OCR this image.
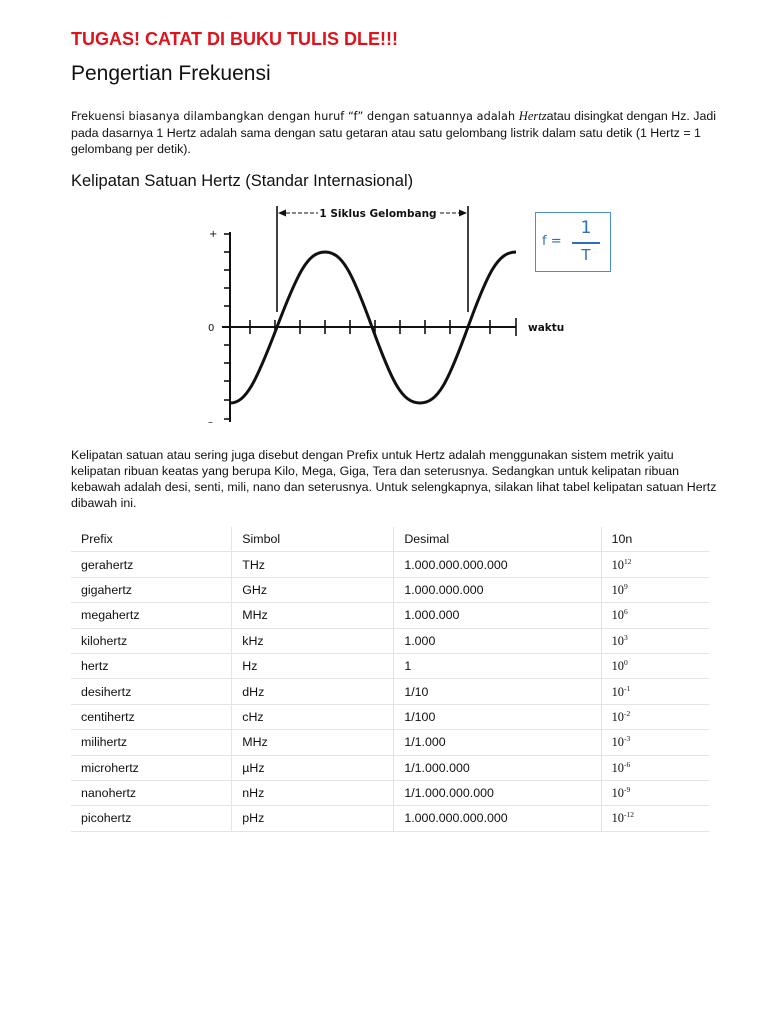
TUGAS! CATAT DI BUKU TULIS DLE!!!
Pengertian Frekuensi

Frekuensi biasanya dilambangkan dengan huruf “f” dengan satuannya adalah Hertzatau disingkat dengan Hz. Jadi pada dasarnya 1 Hertz adalah sama dengan satu getaran atau satu gelombang listrik dalam satu detik (1 Hertz = 1 gelombang per detik).

Kelipatan Satuan Hertz (Standar Internasional)
+
0
–
waktu
1 Siklus Gelombang
f =
1
T

Kelipatan satuan atau sering juga disebut dengan Prefix untuk Hertz adalah menggunakan sistem metrik yaitu kelipatan ribuan keatas yang berupa Kilo, Mega, Giga, Tera dan seterusnya. Sedangkan untuk kelipatan ribuan kebawah adalah desi, senti, mili, nano dan seterusnya. Untuk selengkapnya, silakan lihat tabel kelipatan satuan Hertz dibawah ini.

Prefix	Simbol	Desimal	10n
gerahertz	THz	1.000.000.000.000	$10^{12}$
gigahertz	GHz	1.000.000.000	$10^9$
megahertz	MHz	1.000.000	$10^6$
kilohertz	kHz	1.000	$10^3$
hertz	Hz	1	$10^0$
desihertz	dHz	1/10	$10^{-1}$
centihertz	cHz	1/100	$10^{-2}$
milihertz	MHz	1/1.000	$10^{-3}$
microhertz	µHz	1/1.000.000	$10^{-6}$
nanohertz	nHz	1/1.000.000.000	$10^{-9}$
picohertz	pHz	1.000.000.000.000	$10^{-12}$
